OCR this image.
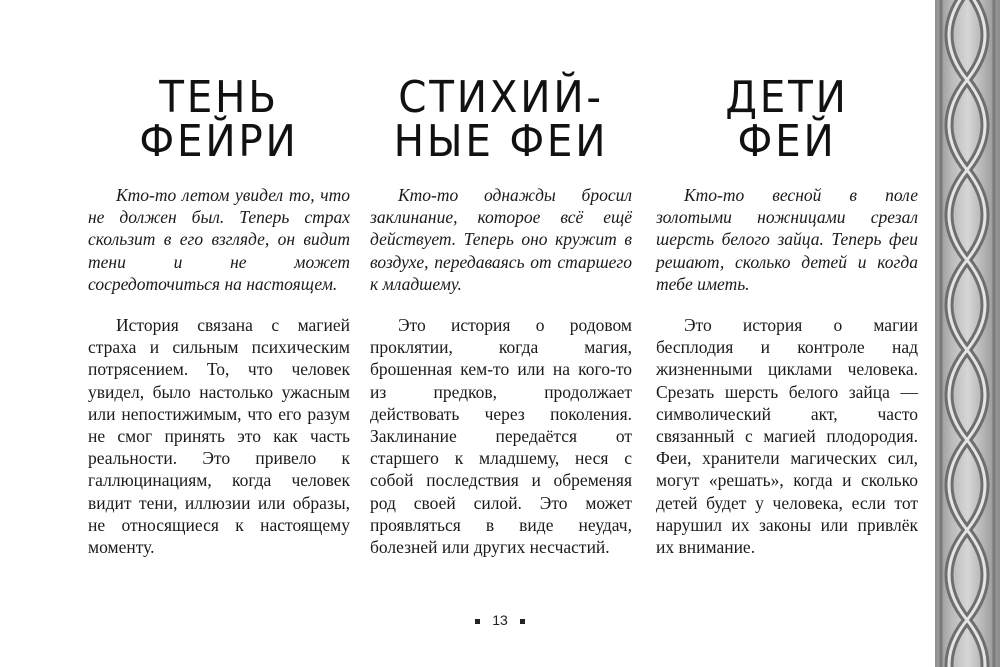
ТЕНЬ
ФЕЙРИ

Кто-то летом увидел то, что не должен был. Теперь страх скользит в его взгляде, он видит тени и не может сосредоточиться на настоящем.

История связана с магией страха и сильным психическим потрясением. То, что человек увидел, было настолько ужасным или непостижимым, что его разум не смог принять это как часть реальности. Это привело к галлюцинациям, когда человек видит тени, иллюзии или образы, не относящиеся к настоящему моменту.

СТИХИЙ-
НЫЕ ФЕИ

Кто-то однажды бросил заклинание, которое всё ещё действует. Теперь оно кружит в воздухе, передаваясь от старшего к младшему.

Это история о родовом проклятии, когда магия, брошенная кем-то или на кого-то из предков, продолжает действовать через поколения. Заклинание передаётся от старшего к младшему, неся с собой последствия и обременяя род своей силой. Это может проявляться в виде неудач, болезней или других несчастий.

ДЕТИ
ФЕЙ

Кто-то весной в поле золотыми ножницами срезал шерсть белого зайца. Теперь феи решают, сколько детей и когда тебе иметь.

Это история о магии бесплодия и контроле над жизненными циклами человека. Срезать шерсть белого зайца — символический акт, часто связанный с магией плодородия. Феи, хранители магических сил, могут «решать», когда и сколько детей будет у человека, если тот нарушил их законы или привлёк их внимание.

13
